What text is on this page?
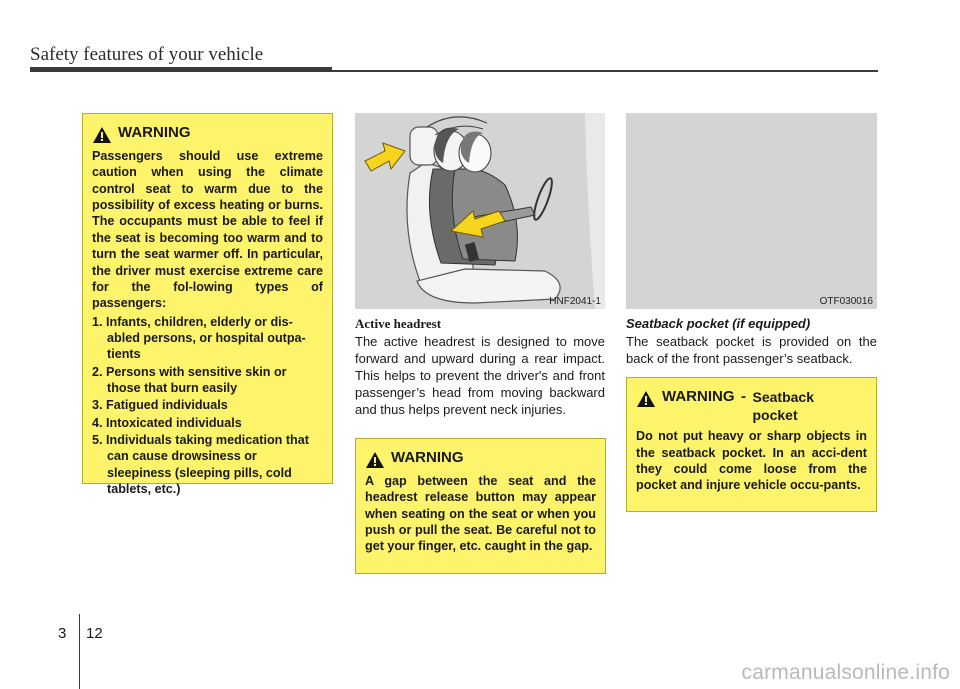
Safety features of your vehicle
WARNING

Passengers should use extreme caution when using the climate control seat to warm due to the possibility of excess heating or burns. The occupants must be able to feel if the seat is becoming too warm and to turn the seat warmer off. In particular, the driver must exercise extreme care for the fol-lowing types of passengers:

1. Infants, children, elderly or dis-abled persons, or hospital outpa-tients
2. Persons with sensitive skin or those that burn easily
3. Fatigued individuals
4. Intoxicated individuals
5. Individuals taking medication that can cause drowsiness or sleepiness (sleeping pills, cold tablets, etc.)
HNF2041-1
Active headrest
The active headrest is designed to move forward and upward during a rear impact. This helps to prevent the driver's and front passenger’s head from moving backward and thus helps prevent neck injuries.
WARNING

A gap between the seat and the headrest release button may appear when seating on the seat or when you push or pull the seat. Be careful not to get your finger, etc. caught in the gap.

OTF030016
Seatback pocket (if equipped)
The seatback pocket is provided on the back of the front passenger’s seatback.
WARNING - Seatback pocket

Do not put heavy or sharp objects in the seatback pocket. In an acci-dent they could come loose from the pocket and injure vehicle occu-pants.

3 12
carmanualsonline.info
